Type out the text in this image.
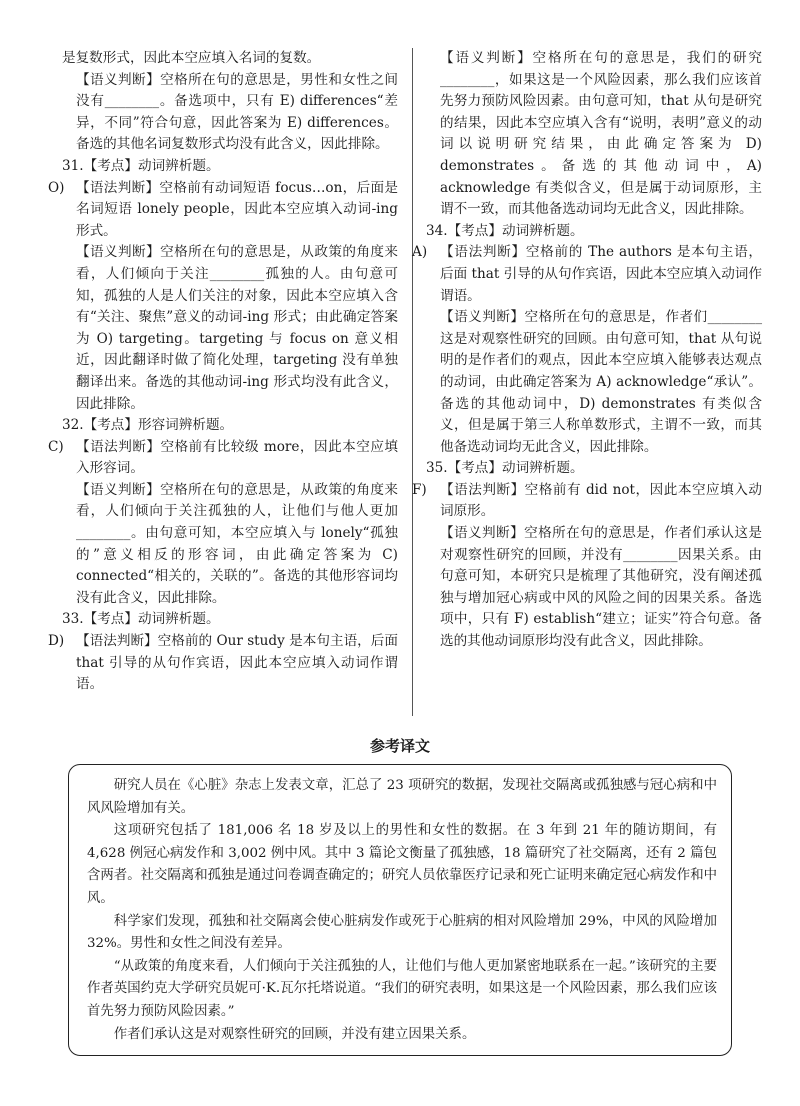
是复数形式，因此本空应填入名词的复数。

【语义判断】空格所在句的意思是，男性和女性之间没有________。备选项中，只有 E) differences“差异，不同”符合句意，因此答案为 E) differences。备选的其他名词复数形式均没有此含义，因此排除。

31.【考点】动词辨析题。

O) 【语法判断】空格前有动词短语 focus…on，后面是名词短语 lonely people，因此本空应填入动词-ing 形式。

【语义判断】空格所在句的意思是，从政策的角度来看，人们倾向于关注________孤独的人。由句意可知，孤独的人是人们关注的对象，因此本空应填入含有“关注、聚焦”意义的动词-ing 形式；由此确定答案为 O) targeting。targeting 与 focus on 意义相近，因此翻译时做了简化处理，targeting 没有单独翻译出来。备选的其他动词-ing 形式均没有此含义，因此排除。

32.【考点】形容词辨析题。

C) 【语法判断】空格前有比较级 more，因此本空应填入形容词。

【语义判断】空格所在句的意思是，从政策的角度来看，人们倾向于关注孤独的人，让他们与他人更加________。由句意可知，本空应填入与 lonely“孤独的”意义相反的形容词，由此确定答案为 C) connected“相关的，关联的”。备选的其他形容词均没有此含义，因此排除。

33.【考点】动词辨析题。

D) 【语法判断】空格前的 Our study 是本句主语，后面 that 引导的从句作宾语，因此本空应填入动词作谓语。

【语义判断】空格所在句的意思是，我们的研究________，如果这是一个风险因素，那么我们应该首先努力预防风险因素。由句意可知，that 从句是研究的结果，因此本空应填入含有“说明，表明”意义的动词以说明研究结果，由此确定答案为 D) demonstrates。备选的其他动词中，A) acknowledge 有类似含义，但是属于动词原形，主谓不一致，而其他备选动词均无此含义，因此排除。

34.【考点】动词辨析题。

A) 【语法判断】空格前的 The authors 是本句主语，后面 that 引导的从句作宾语，因此本空应填入动词作谓语。

【语义判断】空格所在句的意思是，作者们________这是对观察性研究的回顾。由句意可知，that 从句说明的是作者们的观点，因此本空应填入能够表达观点的动词，由此确定答案为 A) acknowledge“承认”。备选的其他动词中，D) demonstrates 有类似含义，但是属于第三人称单数形式，主谓不一致，而其他备选动词均无此含义，因此排除。

35.【考点】动词辨析题。

F) 【语法判断】空格前有 did not，因此本空应填入动词原形。

【语义判断】空格所在句的意思是，作者们承认这是对观察性研究的回顾，并没有________因果关系。由句意可知，本研究只是梳理了其他研究，没有阐述孤独与增加冠心病或中风的风险之间的因果关系。备选项中，只有 F) establish“建立；证实”符合句意。备选的其他动词原形均没有此含义，因此排除。

参考译文

研究人员在《心脏》杂志上发表文章，汇总了 23 项研究的数据，发现社交隔离或孤独感与冠心病和中风风险增加有关。

这项研究包括了 181,006 名 18 岁及以上的男性和女性的数据。在 3 年到 21 年的随访期间，有 4,628 例冠心病发作和 3,002 例中风。其中 3 篇论文衡量了孤独感，18 篇研究了社交隔离，还有 2 篇包含两者。社交隔离和孤独是通过问卷调查确定的；研究人员依靠医疗记录和死亡证明来确定冠心病发作和中风。

科学家们发现，孤独和社交隔离会使心脏病发作或死于心脏病的相对风险增加 29%，中风的风险增加 32%。男性和女性之间没有差异。

“从政策的角度来看，人们倾向于关注孤独的人，让他们与他人更加紧密地联系在一起。”该研究的主要作者英国约克大学研究员妮可·K.瓦尔托塔说道。“我们的研究表明，如果这是一个风险因素，那么我们应该首先努力预防风险因素。”

作者们承认这是对观察性研究的回顾，并没有建立因果关系。
